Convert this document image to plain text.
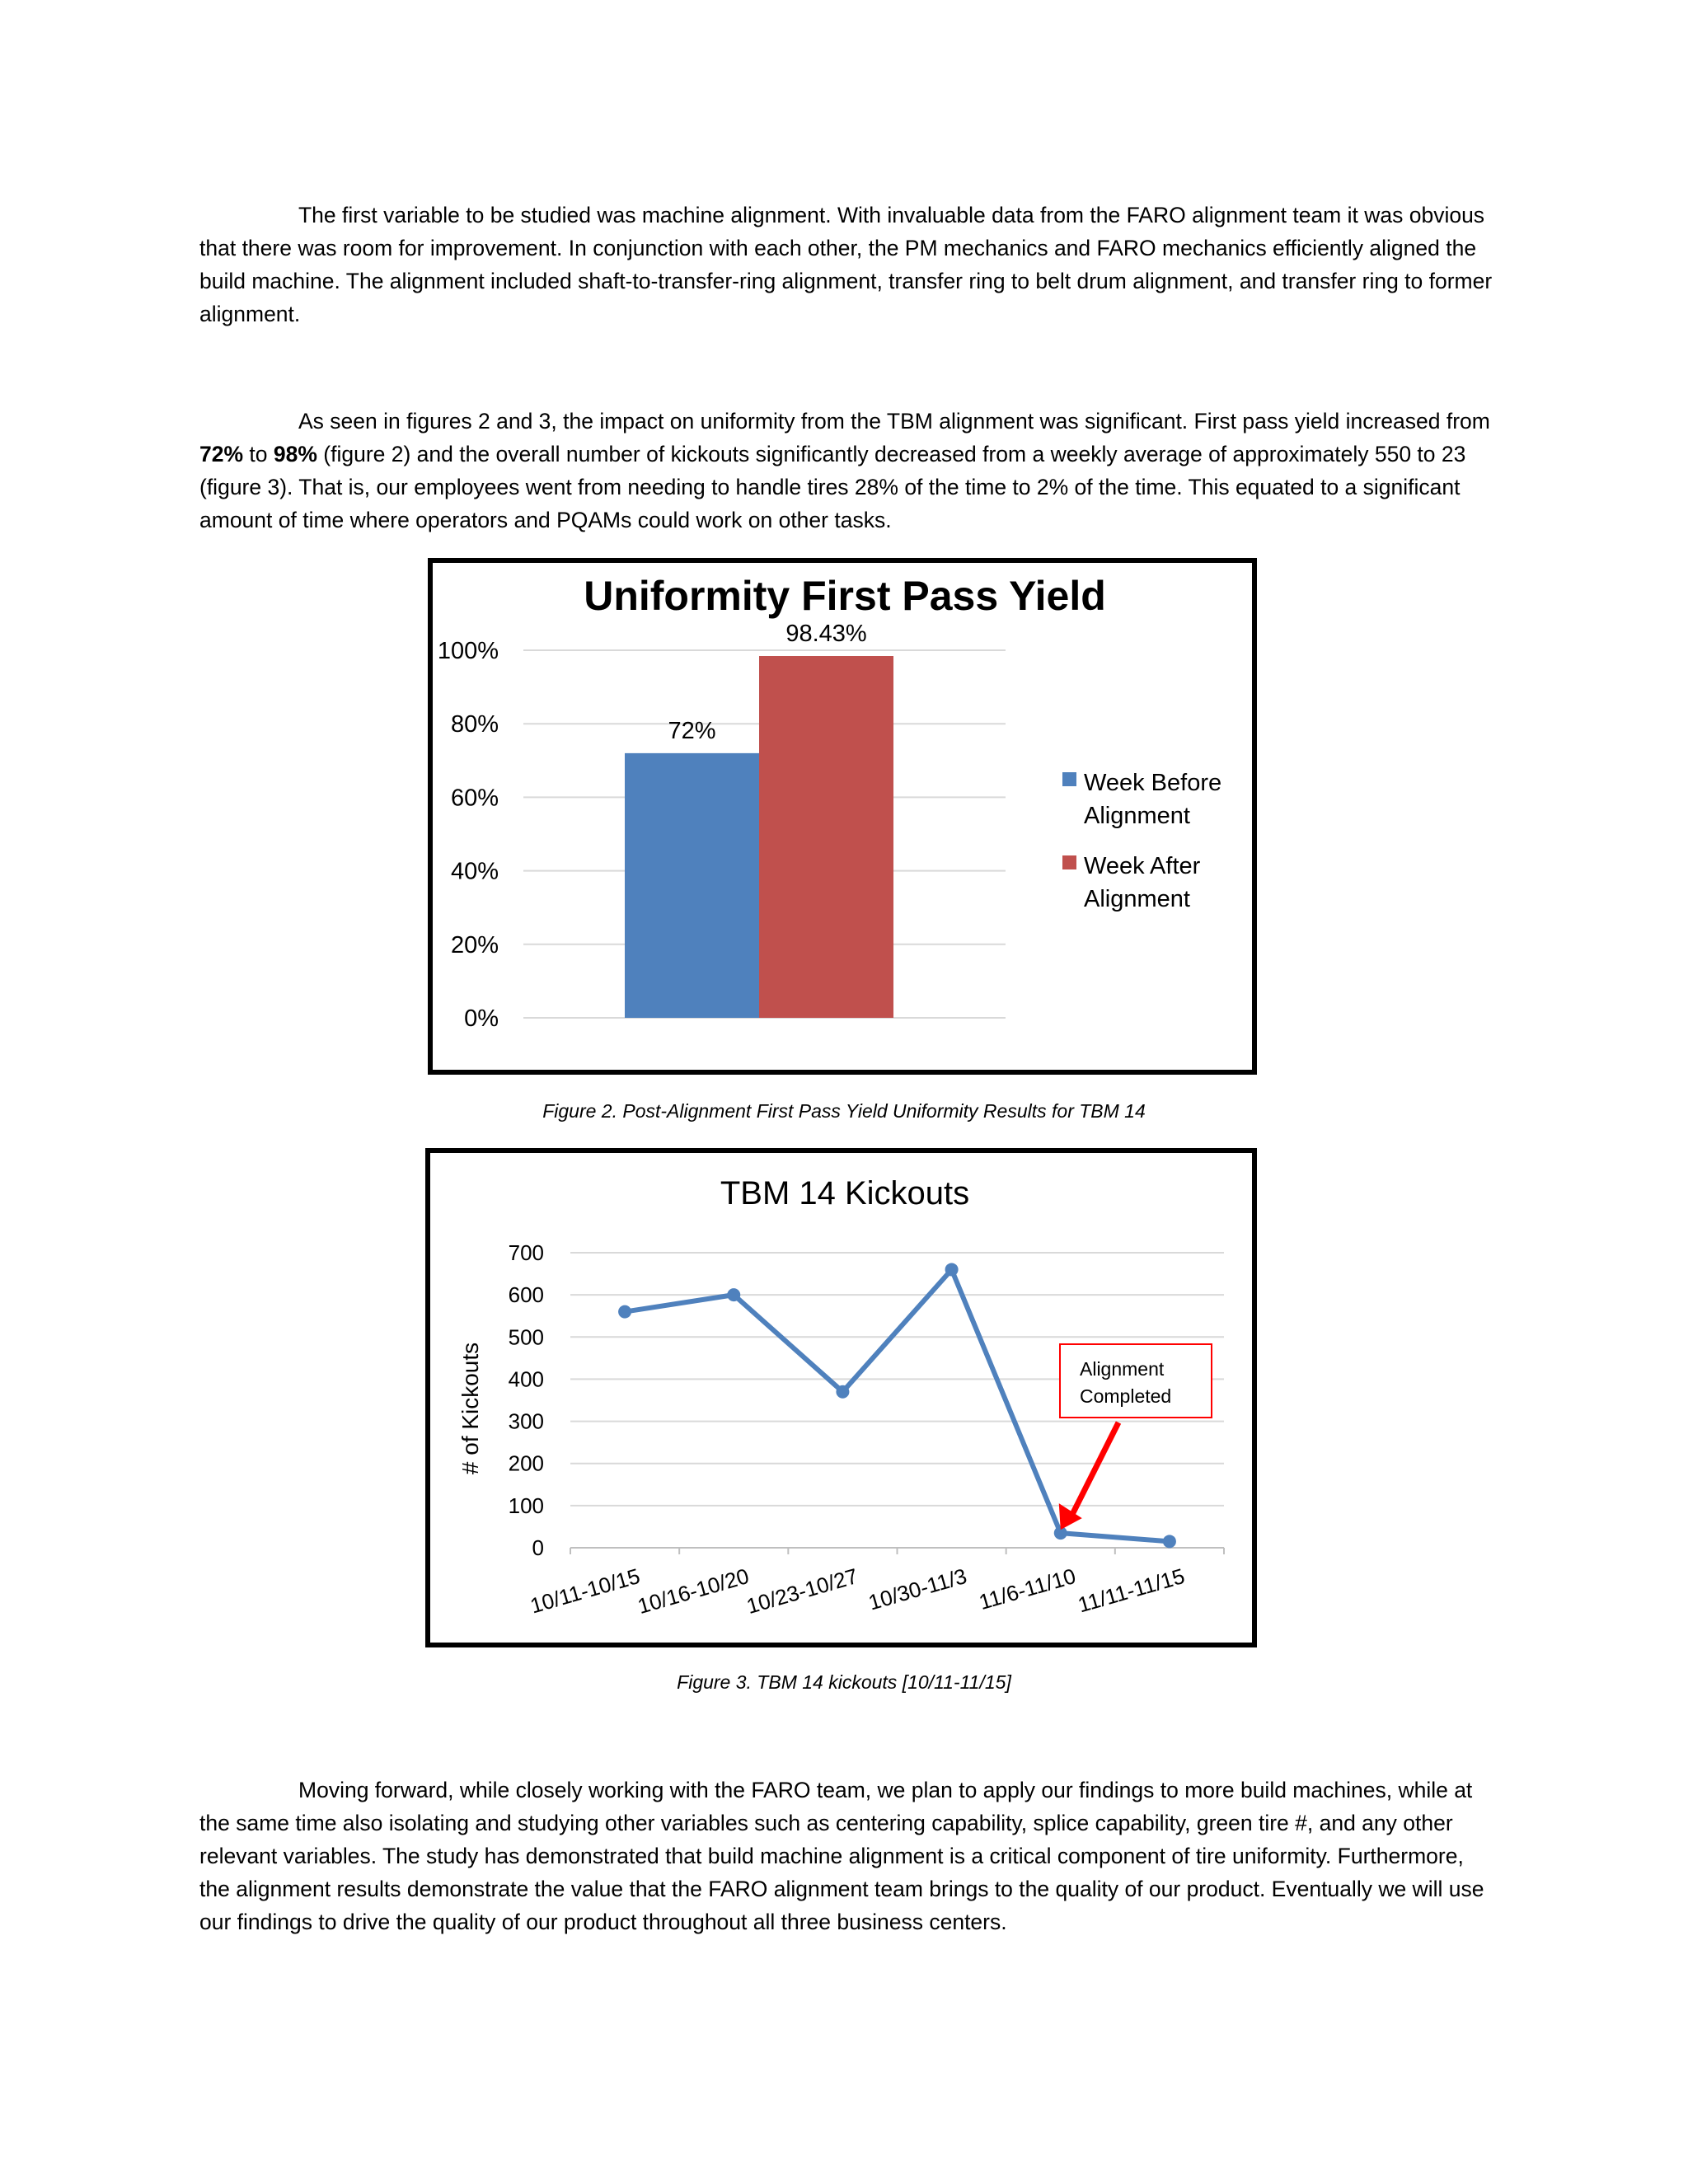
The first variable to be studied was machine alignment. With invaluable data from the FARO alignment team it was obvious that there was room for improvement. In conjunction with each other, the PM mechanics and FARO mechanics efficiently aligned the build machine. The alignment included shaft-to-transfer-ring alignment, transfer ring to belt drum alignment, and transfer ring to former alignment.

As seen in figures 2 and 3, the impact on uniformity from the TBM alignment was significant. First pass yield increased from 72% to 98% (figure 2) and the overall number of kickouts significantly decreased from a weekly average of approximately 550 to 23 (figure 3). That is, our employees went from needing to handle tires 28% of the time to 2% of the time. This equated to a significant amount of time where operators and PQAMs could work on other tasks.

Uniformity First Pass Yield
0%
20%
40%
60%
80%
100%
72%
98.43%
Week Before Alignment
Week After Alignment
Figure 2. Post-Alignment First Pass Yield Uniformity Results for TBM 14
TBM 14 Kickouts
# of Kickouts
0
100
200
300
400
500
600
700
10/11-10/15
10/16-10/20
10/23-10/27 10/30-11/3 11/6-11/10
11/11-11/15
Alignment Completed
Figure 3. TBM 14 kickouts [10/11-11/15]

Moving forward, while closely working with the FARO team, we plan to apply our findings to more build machines, while at the same time also isolating and studying other variables such as centering capability, splice capability, green tire #, and any other relevant variables. The study has demonstrated that build machine alignment is a critical component of tire uniformity. Furthermore, the alignment results demonstrate the value that the FARO alignment team brings to the quality of our product. Eventually we will use our findings to drive the quality of our product throughout all three business centers.
